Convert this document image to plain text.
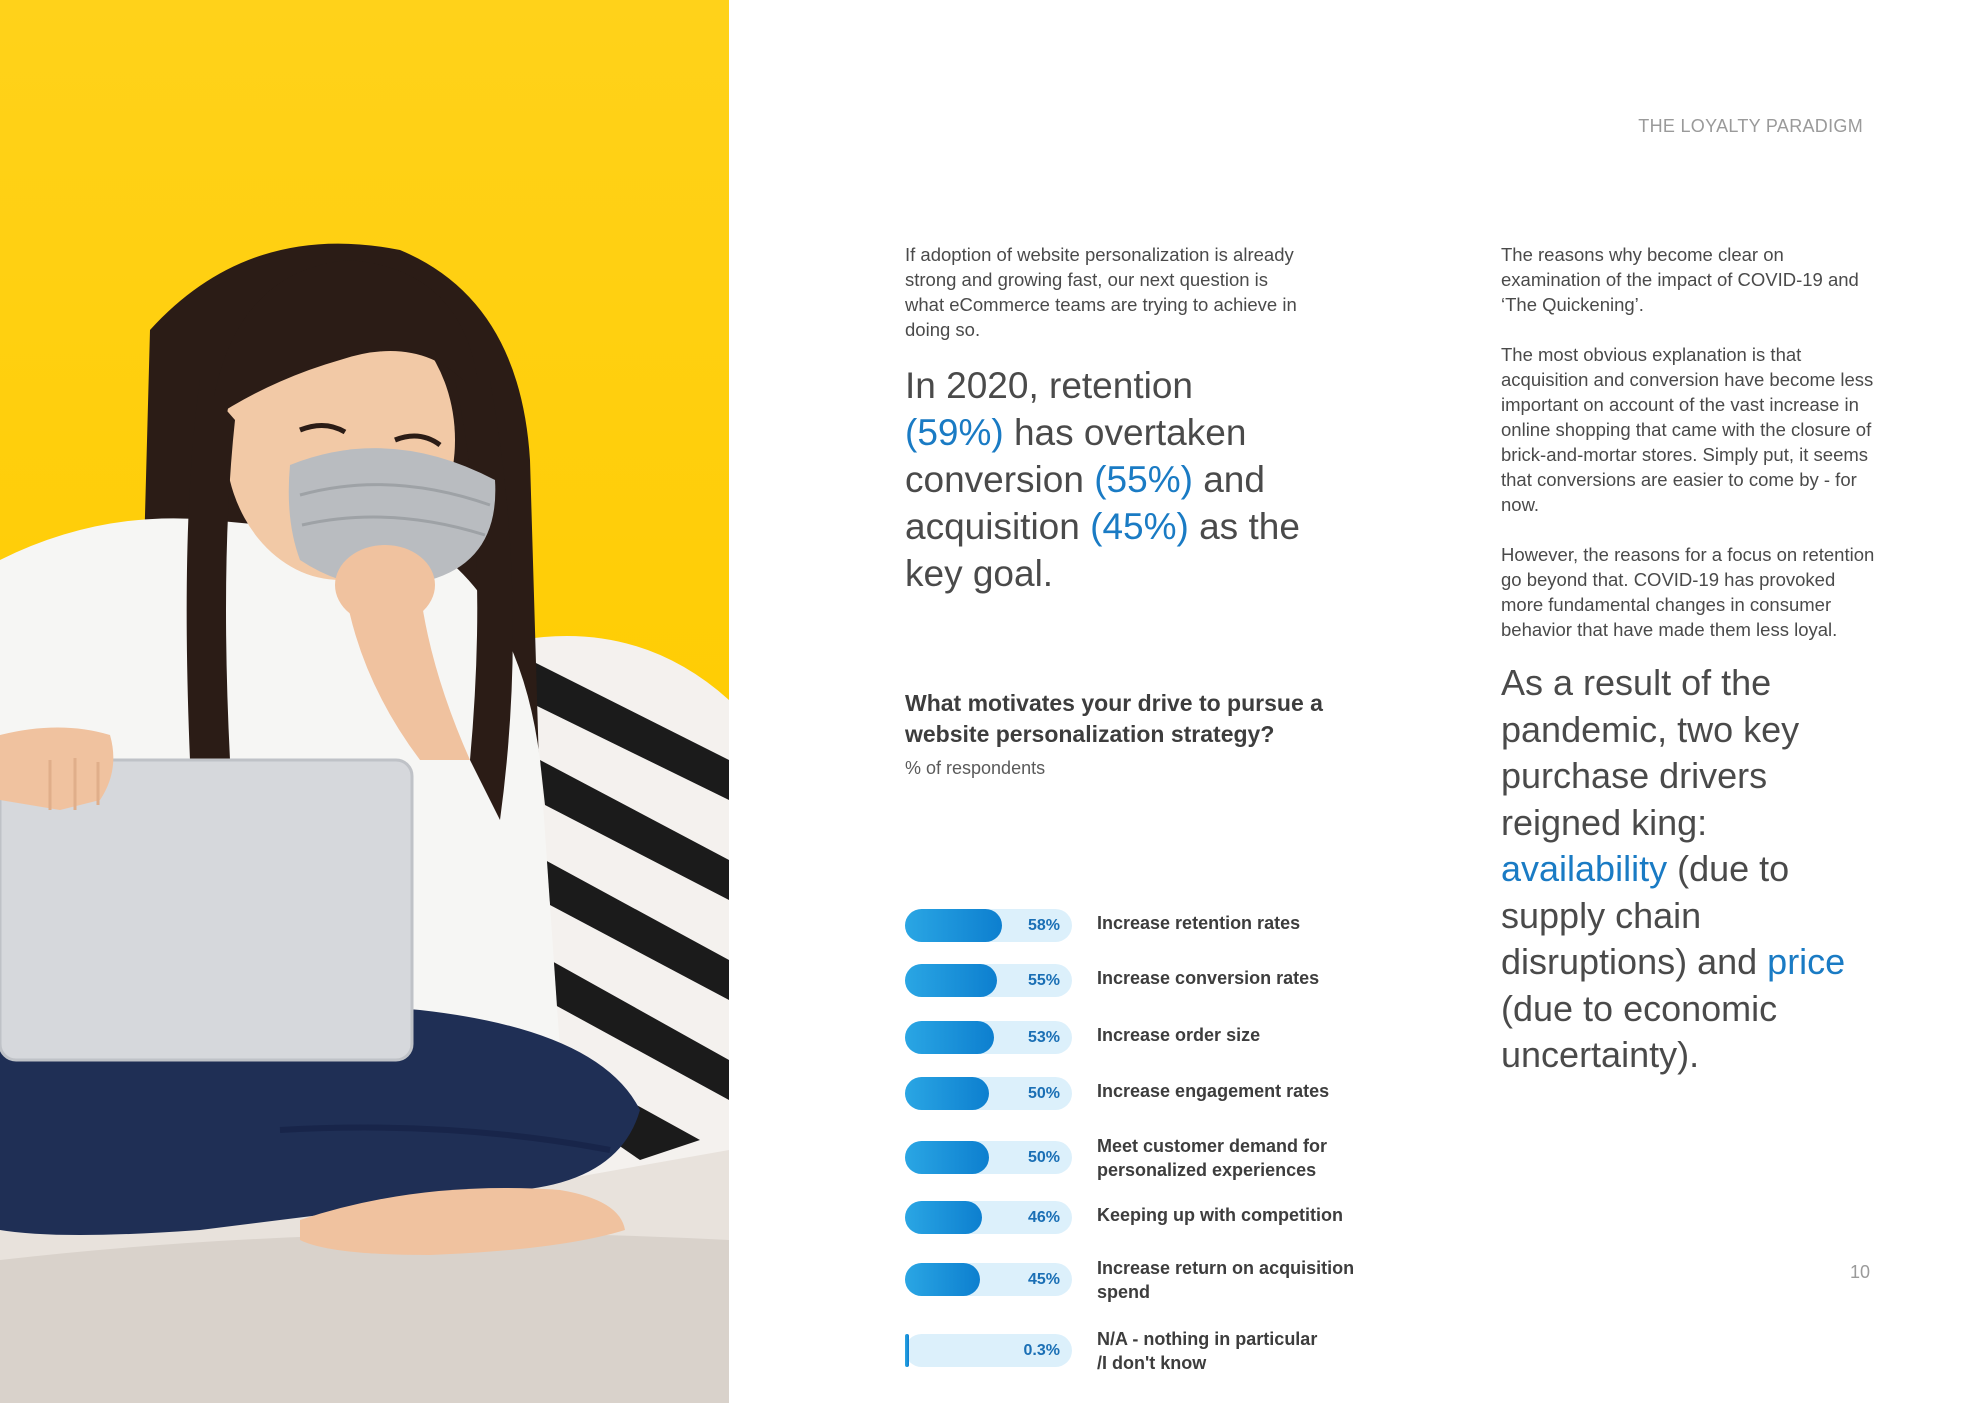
THE LOYALTY PARADIGM

If adoption of website personalization is already strong and growing fast, our next question is what eCommerce teams are trying to achieve in doing so.

In 2020, retention
(59%) has overtaken conversion (55%) and acquisition (45%) as the key goal.

What motivates your drive to pursue a website personalization strategy?

% of respondents
58% Increase retention rates
55% Increase conversion rates
53% Increase order size
50% Increase engagement rates
50%
Meet customer demand for
personalized experiences
46% Keeping up with competition
45%
Increase return on acquisition
spend
0.3%
N/A - nothing in particular
/I don't know

The reasons why become clear on examination of the impact of COVID-19 and ‘The Quickening’.

The most obvious explanation is that acquisition and conversion have become less important on account of the vast increase in online shopping that came with the closure of brick-and-mortar stores. Simply put, it seems that conversions are easier to come by - for now.

However, the reasons for a focus on retention go beyond that. COVID-19 has provoked more fundamental changes in consumer behavior that have made them less loyal.

As a result of the pandemic, two key purchase drivers reigned king: availability (due to supply chain disruptions) and price (due to economic uncertainty).
10
